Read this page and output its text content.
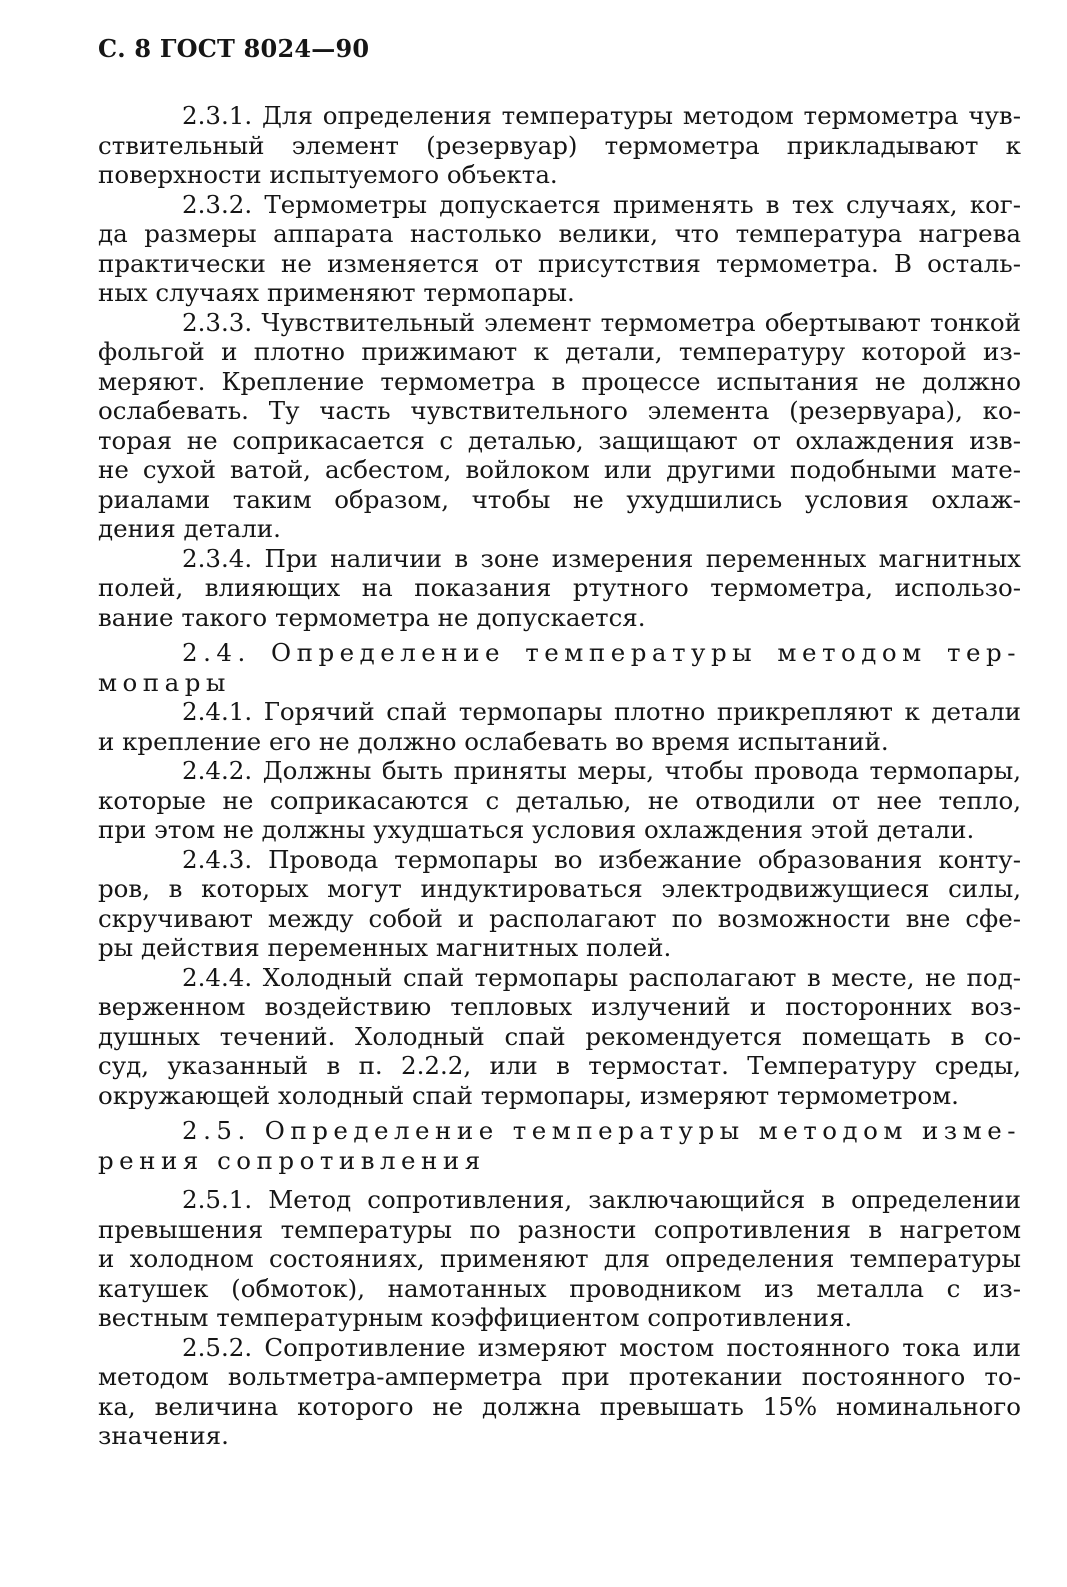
С. 8 ГОСТ 8024—90
2.3.1. Для определения температуры методом термометра чув-
ствительный элемент (резервуар) термометра прикладывают к
поверхности испытуемого объекта.
2.3.2. Термометры допускается применять в тех случаях, ког-
да размеры аппарата настолько велики, что температура нагрева
практически не изменяется от присутствия термометра. В осталь-
ных случаях применяют термопары.
2.3.3. Чувствительный элемент термометра обертывают тонкой
фольгой и плотно прижимают к детали, температуру которой из-
меряют. Крепление термометра в процессе испытания не должно
ослабевать. Ту часть чувствительного элемента (резервуара), ко-
торая не соприкасается с деталью, защищают от охлаждения изв-
не сухой ватой, асбестом, войлоком или другими подобными мате-
риалами таким образом, чтобы не ухудшились условия охлаж-
дения детали.
2.3.4. При наличии в зоне измерения переменных магнитных
полей, влияющих на показания ртутного термометра, использо-
вание такого термометра не допускается.
2.4. Определение температуры методом тер-
мопары
2.4.1. Горячий спай термопары плотно прикрепляют к детали
и крепление его не должно ослабевать во время испытаний.
2.4.2. Должны быть приняты меры, чтобы провода термопары,
которые не соприкасаются с деталью, не отводили от нее тепло,
при этом не должны ухудшаться условия охлаждения этой детали.
2.4.3. Провода термопары во избежание образования конту-
ров, в которых могут индуктироваться электродвижущиеся силы,
скручивают между собой и располагают по возможности вне сфе-
ры действия переменных магнитных полей.
2.4.4. Холодный спай термопары располагают в месте, не под-
верженном воздействию тепловых излучений и посторонних воз-
душных течений. Холодный спай рекомендуется помещать в со-
суд, указанный в п. 2.2.2, или в термостат. Температуру среды,
окружающей холодный спай термопары, измеряют термометром.
2.5. Определение температуры методом изме-
рения сопротивления
2.5.1. Метод сопротивления, заключающийся в определении
превышения температуры по разности сопротивления в нагретом
и холодном состояниях, применяют для определения температуры
катушек (обмоток), намотанных проводником из металла с из-
вестным температурным коэффициентом сопротивления.
2.5.2. Сопротивление измеряют мостом постоянного тока или
методом вольтметра-амперметра при протекании постоянного то-
ка, величина которого не должна превышать 15% номинального
значения.
